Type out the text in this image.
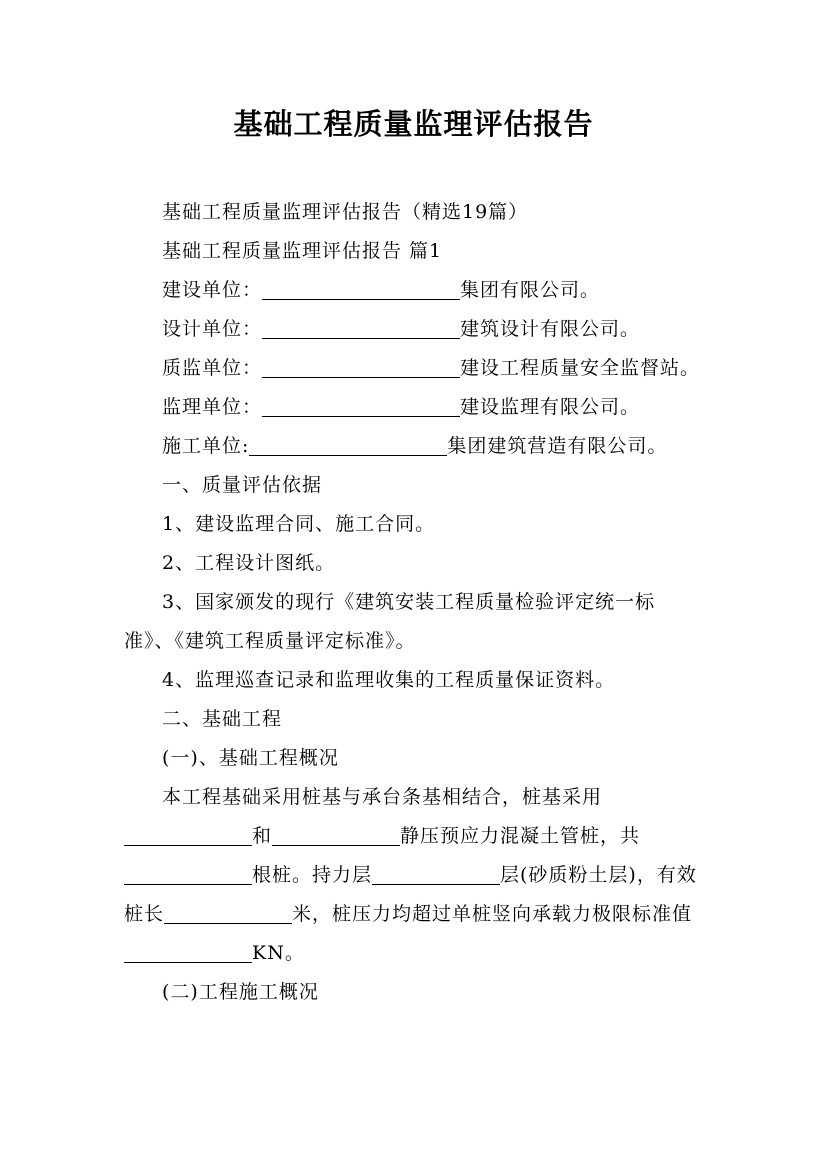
基础工程质量监理评估报告

基础工程质量监理评估报告（精选19篇）

基础工程质量监理评估报告 篇1

建设单位：	集团有限公司。

设计单位：	建筑设计有限公司。

质监单位：	建设工程质量安全监督站。

监理单位：	建设监理有限公司。

施工单位:	集团建筑营造有限公司。

一、质量评估依据

1、建设监理合同、施工合同。

2、工程设计图纸。

3、国家颁发的现行《建筑安装工程质量检验评定统一标准》、《建筑工程质量评定标准》。

4、监理巡查记录和监理收集的工程质量保证资料。

二、基础工程

(一)、基础工程概况

本工程基础采用桩基与承台条基相结合，桩基采用和	静压预应力混凝土管桩，共根桩。持力层	层(砂质粉土层)，有效桩长	米，桩压力均超过单桩竖向承载力极限标准值KN。

(二)工程施工概况
